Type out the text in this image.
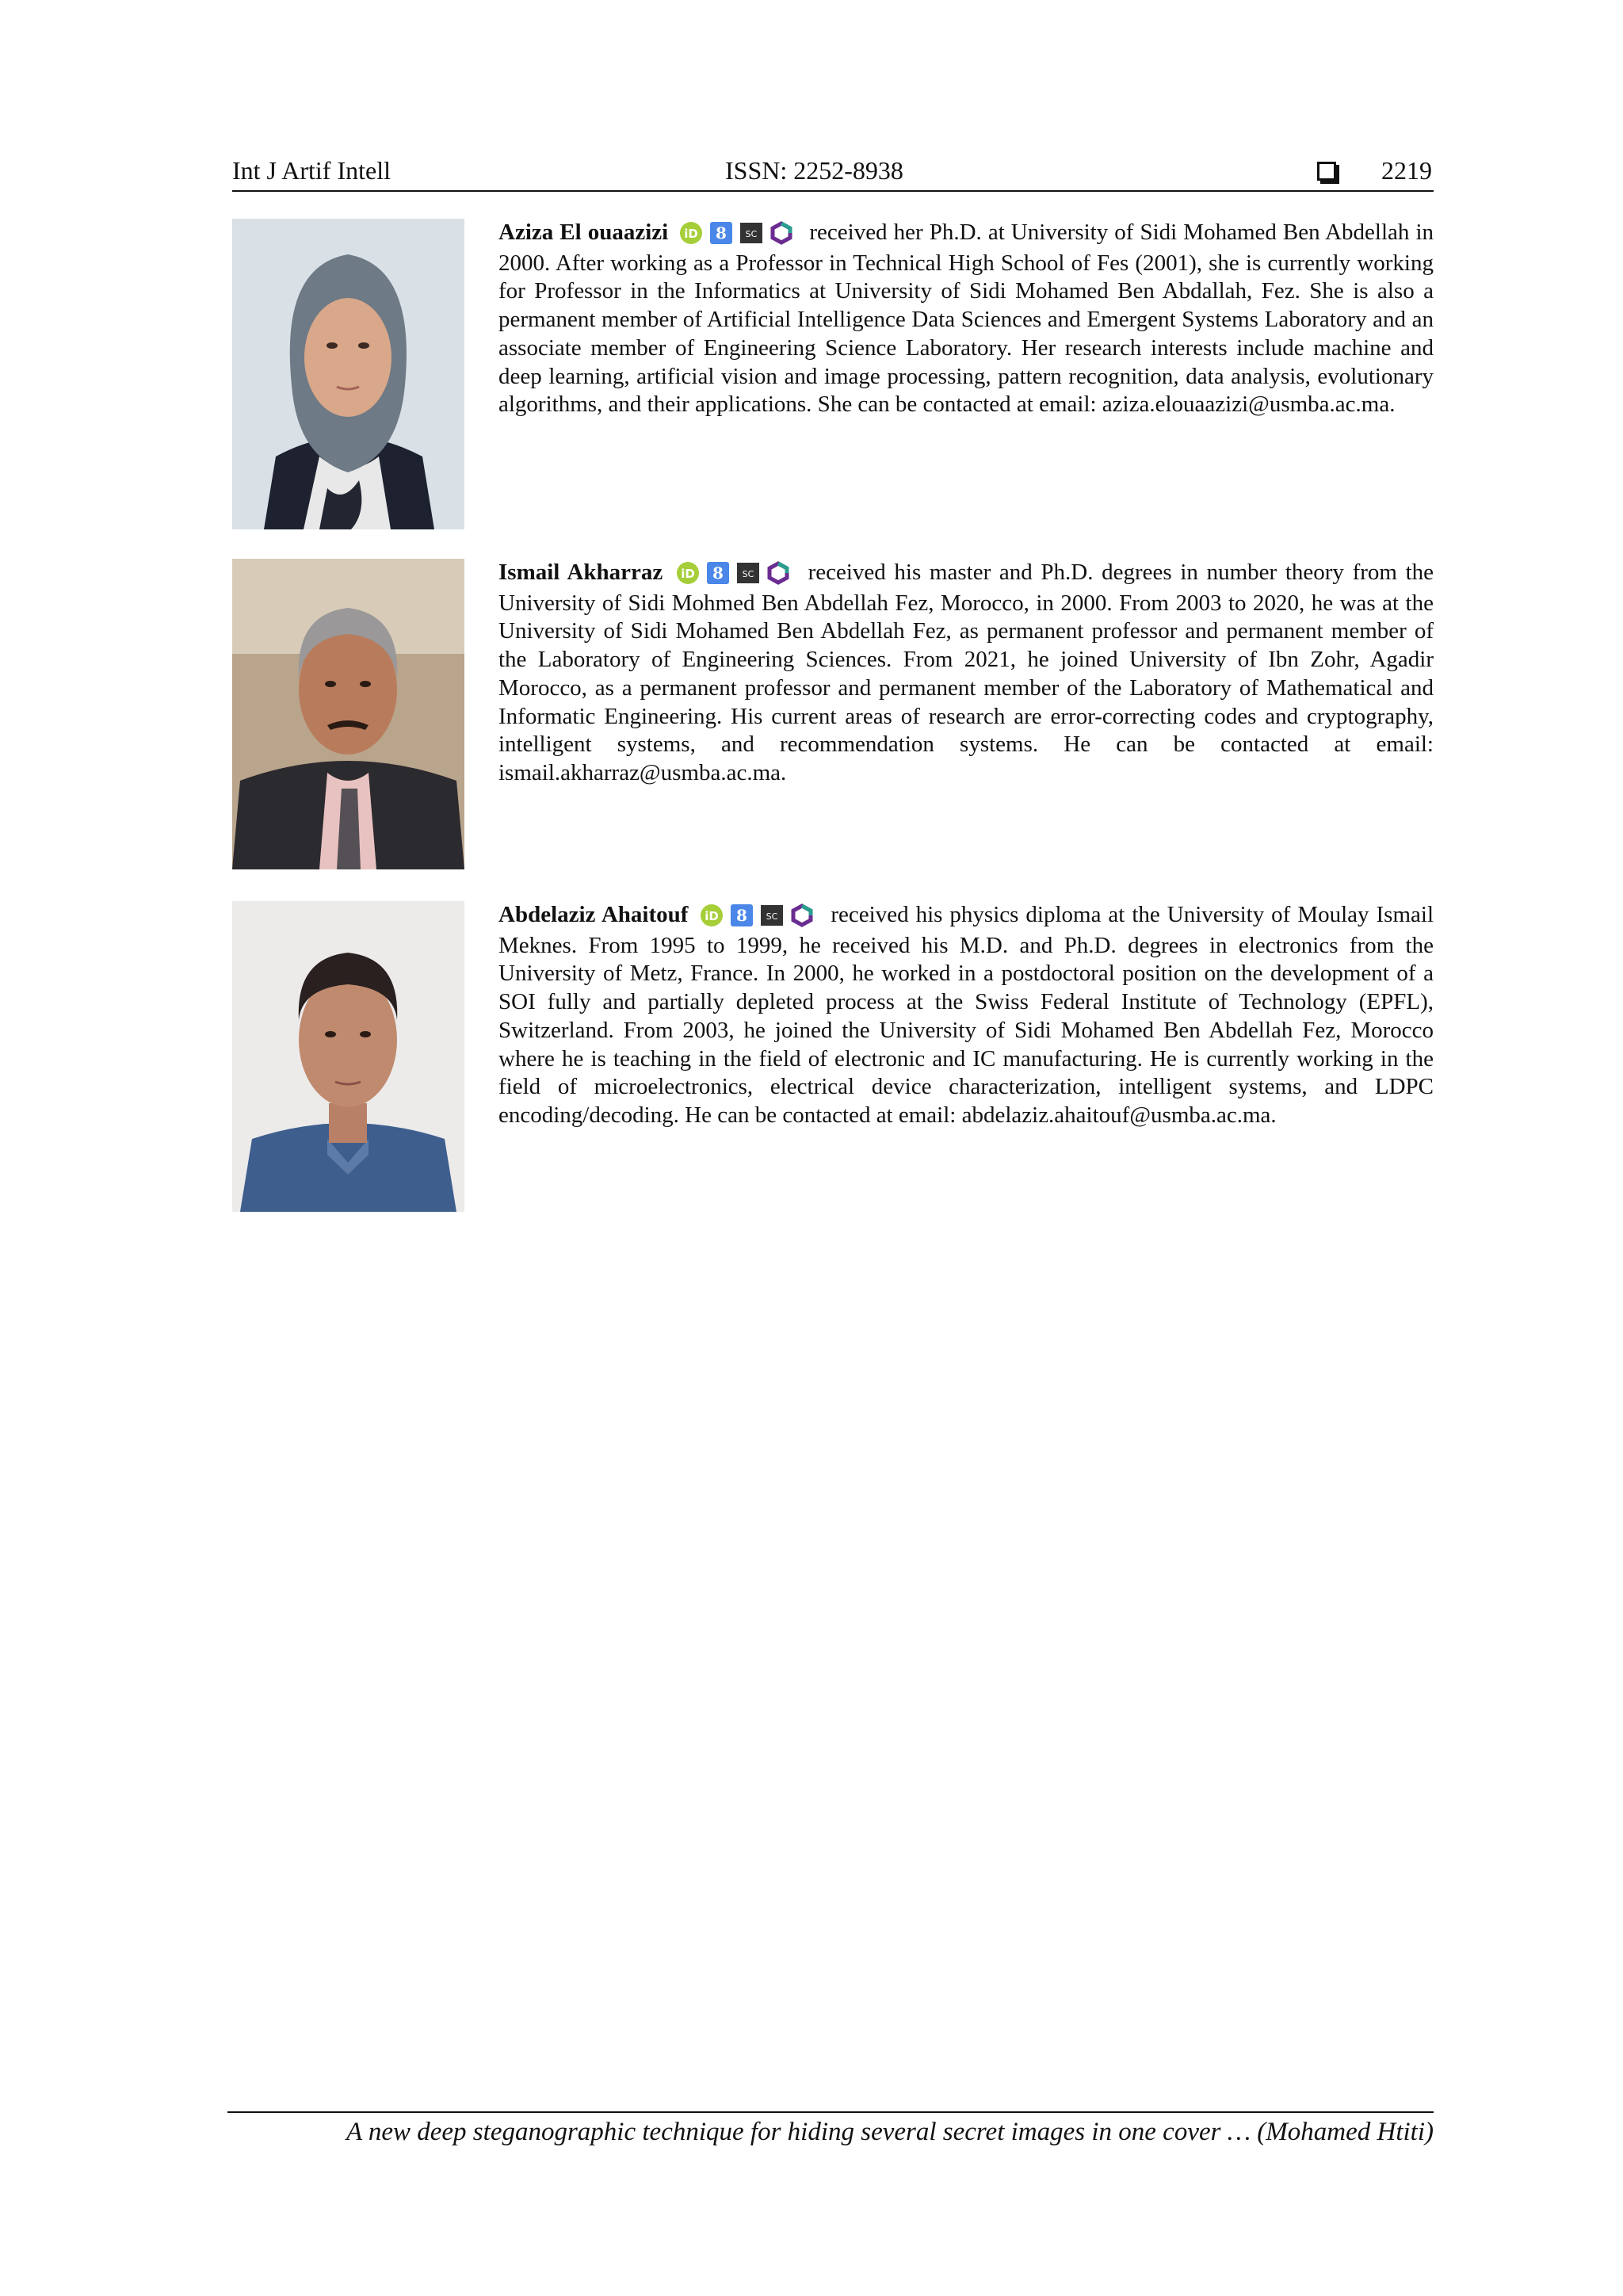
Int J Artif Intell	ISSN: 2252-8938	2219
Aziza El ouaazizi iD 8 SC received her Ph.D. at University of Sidi Mohamed Ben Abdellah in 2000. After working as a Professor in Technical High School of Fes (2001), she is currently working for Professor in the Informatics at University of Sidi Mohamed Ben Abdallah, Fez. She is also a permanent member of Artificial Intelligence Data Sciences and Emergent Systems Laboratory and an associate member of Engineering Science Laboratory. Her research interests include machine and deep learning, artificial vision and image processing, pattern recognition, data analysis, evolutionary algorithms, and their applications. She can be contacted at email: aziza.elouaazizi@usmba.ac.ma.
Ismail Akharraz iD 8 SC received his master and Ph.D. degrees in number theory from the University of Sidi Mohmed Ben Abdellah Fez, Morocco, in 2000. From 2003 to 2020, he was at the University of Sidi Mohamed Ben Abdellah Fez, as permanent professor and permanent member of the Laboratory of Engineering Sciences. From 2021, he joined University of Ibn Zohr, Agadir Morocco, as a permanent professor and permanent member of the Laboratory of Mathematical and Informatic Engineering. His current areas of research are error-correcting codes and cryptography, intelligent systems, and recommendation systems. He can be contacted at email: ismail.akharraz@usmba.ac.ma.
Abdelaziz Ahaitouf iD 8 SC received his physics diploma at the University of Moulay Ismail Meknes. From 1995 to 1999, he received his M.D. and Ph.D. degrees in electronics from the University of Metz, France. In 2000, he worked in a postdoctoral position on the development of a SOI fully and partially depleted process at the Swiss Federal Institute of Technology (EPFL), Switzerland. From 2003, he joined the University of Sidi Mohamed Ben Abdellah Fez, Morocco where he is teaching in the field of electronic and IC manufacturing. He is currently working in the field of microelectronics, electrical device characterization, intelligent systems, and LDPC encoding/decoding. He can be contacted at email: abdelaziz.ahaitouf@usmba.ac.ma.
A new deep steganographic technique for hiding several secret images in one cover … (Mohamed Htiti)
